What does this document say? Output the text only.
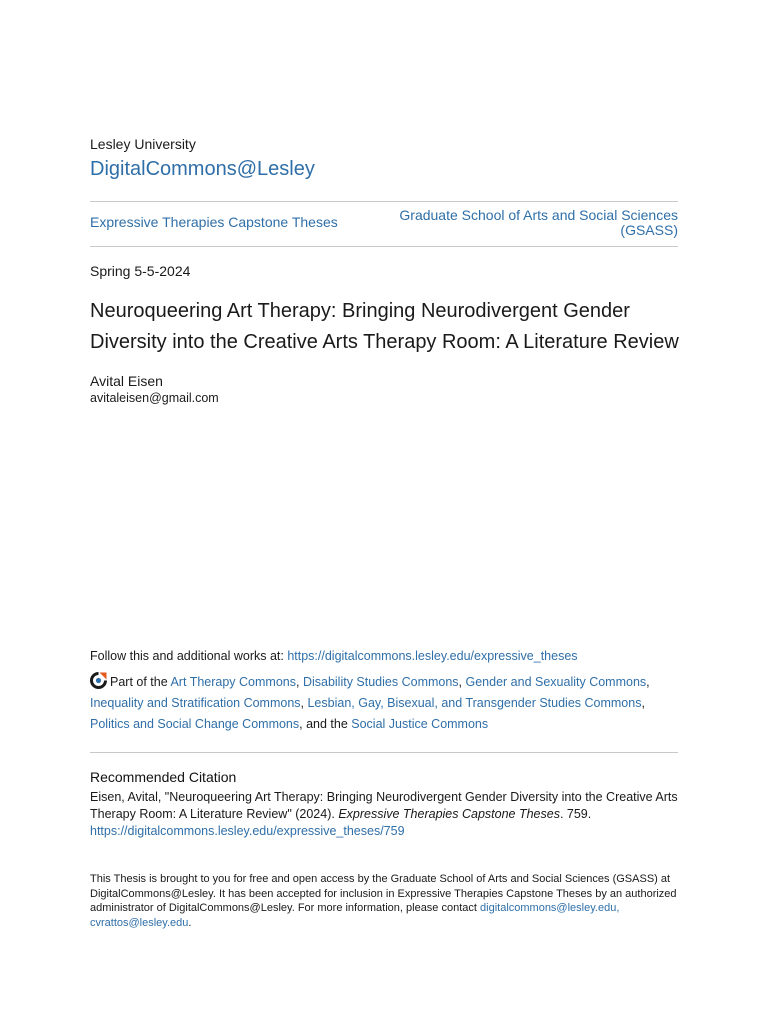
Lesley University
DigitalCommons@Lesley
Expressive Therapies Capstone Theses	Graduate School of Arts and Social Sciences
(GSASS)
Spring 5-5-2024
Neuroqueering Art Therapy: Bringing Neurodivergent Gender Diversity into the Creative Arts Therapy Room: A Literature Review
Avital Eisen
avitaleisen@gmail.com
Follow this and additional works at: https://digitalcommons.lesley.edu/expressive_theses
Part of the Art Therapy Commons, Disability Studies Commons, Gender and Sexuality Commons,
Inequality and Stratification Commons, Lesbian, Gay, Bisexual, and Transgender Studies Commons,
Politics and Social Change Commons, and the Social Justice Commons
Recommended Citation
Eisen, Avital, "Neuroqueering Art Therapy: Bringing Neurodivergent Gender Diversity into the Creative Arts Therapy Room: A Literature Review" (2024). Expressive Therapies Capstone Theses. 759.
https://digitalcommons.lesley.edu/expressive_theses/759
This Thesis is brought to you for free and open access by the Graduate School of Arts and Social Sciences (GSASS) at DigitalCommons@Lesley. It has been accepted for inclusion in Expressive Therapies Capstone Theses by an authorized administrator of DigitalCommons@Lesley. For more information, please contact digitalcommons@lesley.edu, cvrattos@lesley.edu.
